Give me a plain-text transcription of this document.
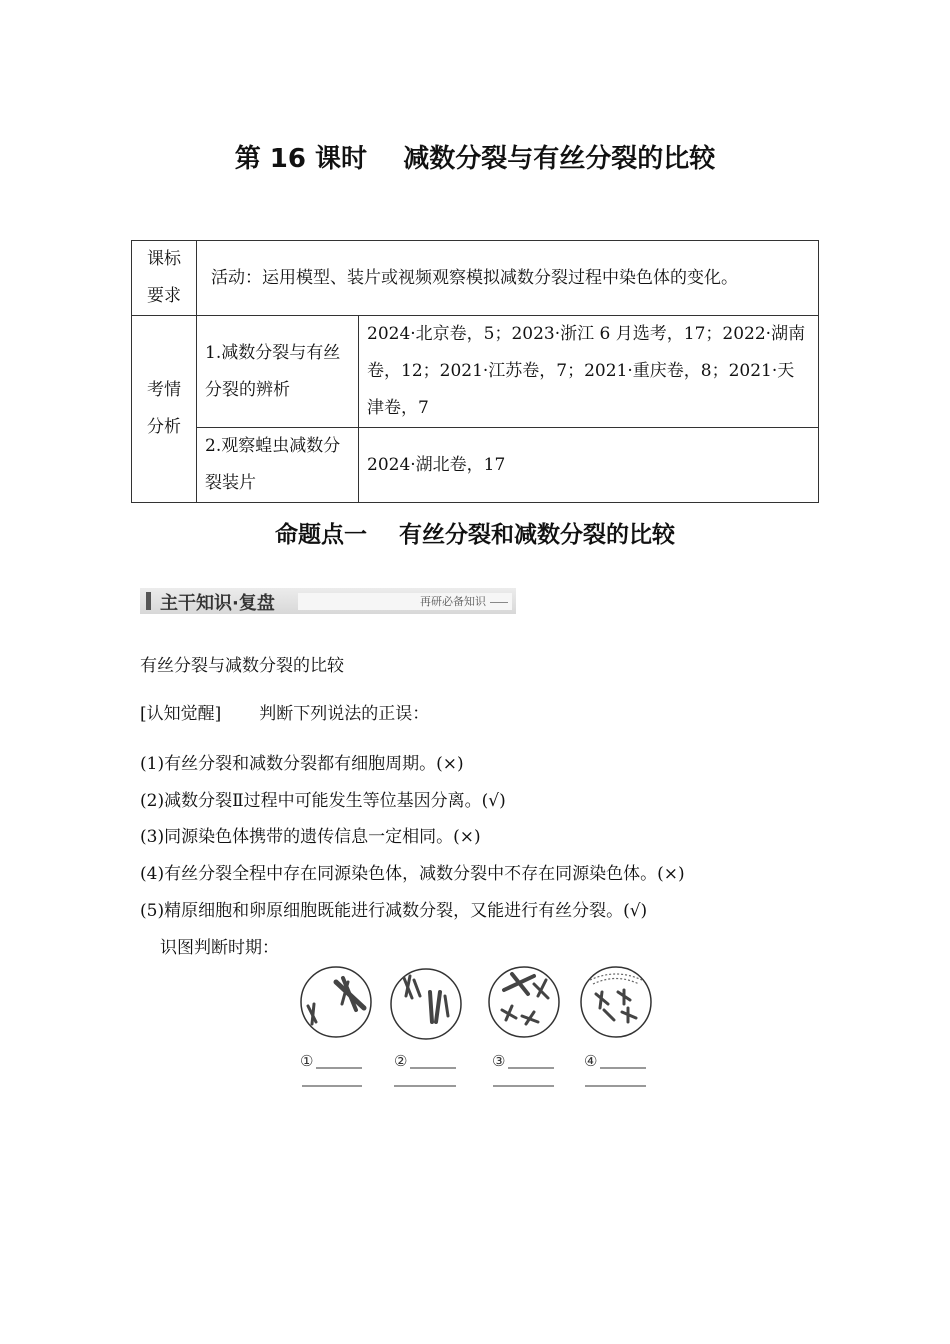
第 16 课时    减数分裂与有丝分裂的比较
课标要求	活动：运用模型、装片或视频观察模拟减数分裂过程中染色体的变化。	
考情分析	1.减数分裂与有丝分裂的辨析	2024·北京卷，5；2023·浙江 6 月选考，17；2022·湖南卷，12；2021·江苏卷，7；2021·重庆卷，8；2021·天津卷，7
	2.观察蝗虫减数分裂装片	2024·湖北卷，17
命题点一    有丝分裂和减数分裂的比较
主干知识·复盘	再研必备知识
有丝分裂与减数分裂的比较
[认知觉醒] 判断下列说法的正误：
(1)有丝分裂和减数分裂都有细胞周期。(×)
(2)减数分裂Ⅱ过程中可能发生等位基因分离。(√)
(3)同源染色体携带的遗传信息一定相同。(×)
(4)有丝分裂全程中存在同源染色体，减数分裂中不存在同源染色体。(×)
(5)精原细胞和卵原细胞既能进行减数分裂，又能进行有丝分裂。(√)
识图判断时期：
①	②	③	④
